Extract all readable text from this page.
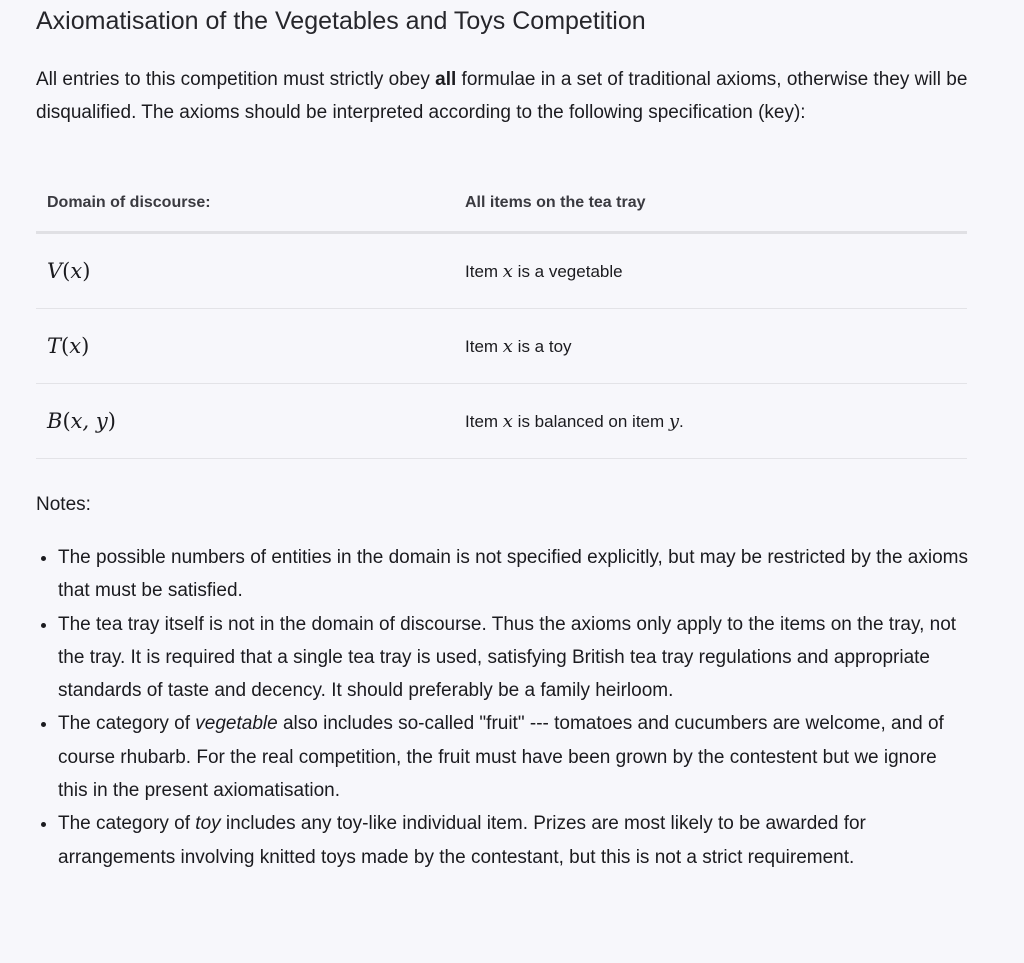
Axiomatisation of the Vegetables and Toys Competition

All entries to this competition must strictly obey all formulae in a set of traditional axioms, otherwise they will be disqualified. The axioms should be interpreted according to the following specification (key):

Domain of discourse:	All items on the tea tray
V(x)	Item x is a vegetable
T(x)	Item x is a toy
B(x, y)	Item x is balanced on item y.
Notes:
• The possible numbers of entities in the domain is not specified explicitly, but may be restricted by the axioms that must be satisfied.
• The tea tray itself is not in the domain of discourse. Thus the axioms only apply to the items on the tray, not the tray. It is required that a single tea tray is used, satisfying British tea tray regulations and appropriate standards of taste and decency. It should preferably be a family heirloom.
• The category of vegetable also includes so-called "fruit" --- tomatoes and cucumbers are welcome, and of course rhubarb. For the real competition, the fruit must have been grown by the contestent but we ignore this in the present axiomatisation.
• The category of toy includes any toy-like individual item. Prizes are most likely to be awarded for arrangements involving knitted toys made by the contestant, but this is not a strict requirement.
